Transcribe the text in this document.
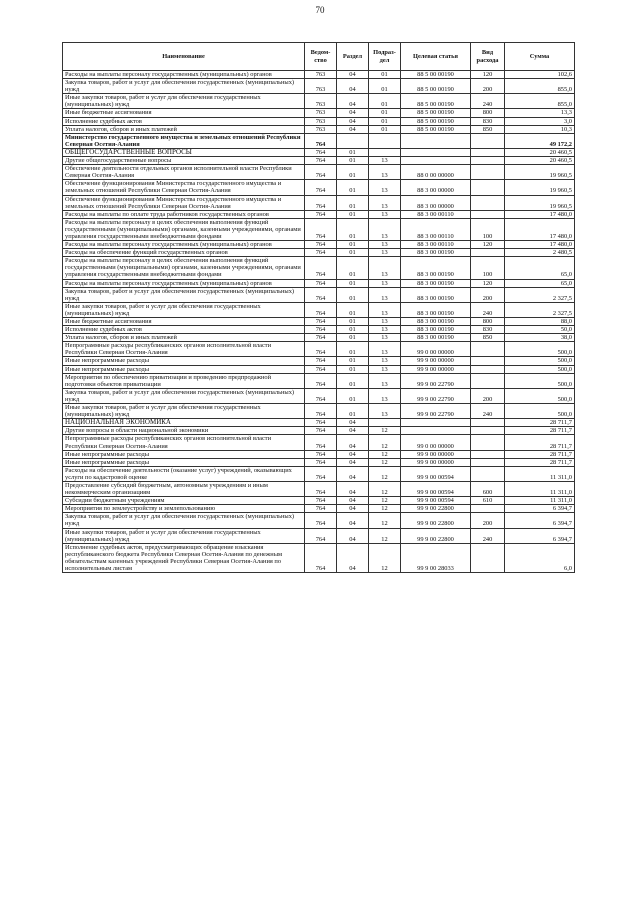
70
Наименование	Ведом-ство	Раздел	Подраз-дел	Целевая статья	Вид расхода	Сумма
Расходы на выплаты персоналу государственных (муниципальных) органов	763	04	01	88 5 00 00190	120	102,6
Закупка товаров, работ и услуг для обеспечения государственных (муниципальных) нужд	763	04	01	88 5 00 00190	200	855,0
Иные закупки товаров, работ и услуг для обеспечения государственных (муниципальных) нужд	763	04	01	88 5 00 00190	240	855,0
Иные бюджетные ассигнования	763	04	01	88 5 00 00190	800	13,3
Исполнение судебных актов	763	04	01	88 5 00 00190	830	3,0
Уплата налогов, сборов и иных платежей	763	04	01	88 5 00 00190	850	10,3
Министерство государственного имущества и земельных отношений Республики Северная Осетия-Алания	764					49 172,2
ОБЩЕГОСУДАРСТВЕННЫЕ ВОПРОСЫ	764	01				20 460,5
Другие общегосударственные вопросы	764	01	13			20 460,5
Обеспечение деятельности отдельных органов исполнительной власти Республики Северная Осетия-Алания	764	01	13	88 0 00 00000		19 960,5
Обеспечение функционирования Министерства государственного имущества и земельных отношений Республики Северная Осетия-Алания	764	01	13	88 3 00 00000		19 960,5
Обеспечение функционирования Министерства государственного имущества и земельных отношений Республики Северная Осетия-Алания	764	01	13	88 3 00 00000		19 960,5
Расходы на выплаты по оплате труда работников государственных органов	764	01	13	88 3 00 00110		17 480,0
Расходы на выплаты персоналу в целях обеспечения выполнения функций государственными (муниципальными) органами, казенными учреждениями, органами управления государственными внебюджетными фондами	764	01	13	88 3 00 00110	100	17 480,0
Расходы на выплаты персоналу государственных (муниципальных) органов	764	01	13	88 3 00 00110	120	17 480,0
Расходы на обеспечение функций государственных органов	764	01	13	88 3 00 00190		2 480,5
Расходы на выплаты персоналу в целях обеспечения выполнения функций государственными (муниципальными) органами, казенными учреждениями, органами управления государственными внебюджетными фондами	764	01	13	88 3 00 00190	100	65,0
Расходы на выплаты персоналу государственных (муниципальных) органов	764	01	13	88 3 00 00190	120	65,0
Закупка товаров, работ и услуг для обеспечения государственных (муниципальных) нужд	764	01	13	88 3 00 00190	200	2 327,5
Иные закупки товаров, работ и услуг для обеспечения государственных (муниципальных) нужд	764	01	13	88 3 00 00190	240	2 327,5
Иные бюджетные ассигнования	764	01	13	88 3 00 00190	800	88,0
Исполнение судебных актов	764	01	13	88 3 00 00190	830	50,0
Уплата налогов, сборов и иных платежей	764	01	13	88 3 00 00190	850	38,0
Непрограммные расходы республиканских органов исполнительной власти Республики Северная Осетия-Алания	764	01	13	99 0 00 00000		500,0
Иные непрограммные расходы	764	01	13	99 9 00 00000		500,0
Иные непрограммные расходы	764	01	13	99 9 00 00000		500,0
Мероприятия по обеспечению приватизации и проведению предпродажной подготовки объектов приватизации	764	01	13	99 9 00 22790		500,0
Закупка товаров, работ и услуг для обеспечения государственных (муниципальных) нужд	764	01	13	99 9 00 22790	200	500,0
Иные закупки товаров, работ и услуг для обеспечения государственных (муниципальных) нужд	764	01	13	99 9 00 22790	240	500,0
НАЦИОНАЛЬНАЯ ЭКОНОМИКА	764	04				28 711,7
Другие вопросы в области национальной экономики	764	04	12			28 711,7
Непрограммные расходы республиканских органов исполнительной власти Республики Северная Осетия-Алания	764	04	12	99 0 00 00000		28 711,7
Иные непрограммные расходы	764	04	12	99 9 00 00000		28 711,7
Иные непрограммные расходы	764	04	12	99 9 00 00000		28 711,7
Расходы на обеспечение деятельности (оказание услуг) учреждений, оказывающих услуги по кадастровой оценке	764	04	12	99 9 00 00594		11 311,0
Предоставление субсидий бюджетным, автономным учреждениям и иным некоммерческим организациям	764	04	12	99 9 00 00594	600	11 311,0
Субсидии бюджетным учреждениям	764	04	12	99 9 00 00594	610	11 311,0
Мероприятия по землеустройству и землепользованию	764	04	12	99 9 00 22800		6 394,7
Закупка товаров, работ и услуг для обеспечения государственных (муниципальных) нужд	764	04	12	99 9 00 22800	200	6 394,7
Иные закупки товаров, работ и услуг для обеспечения государственных (муниципальных) нужд	764	04	12	99 9 00 22800	240	6 394,7
Исполнение судебных актов, предусматривающих обращение взыскания республиканского бюджета Республики Северная Осетия-Алания по денежным обязательствам казенных учреждений Республики Северная Осетия-Алания по исполнительным листам	764	04	12	99 9 00 28033		6,0
